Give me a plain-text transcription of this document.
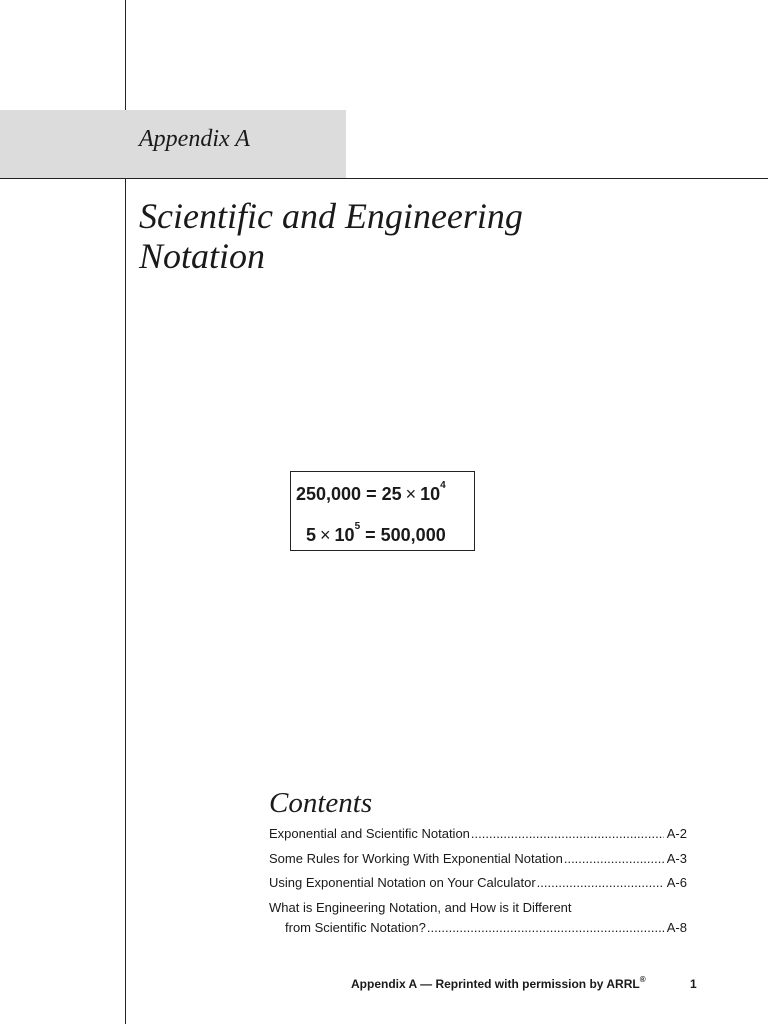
Appendix A
Scientific and Engineering
Notation
$250,000 = 25 \times 10^4$
$5 \times 10^5 = 500,000$
Contents
Exponential and Scientific Notation .....	A-2
Some Rules for Working With Exponential Notation .....	A-3
Using Exponential Notation on Your Calculator .....	A-6
What is Engineering Notation, and How is it Different
from Scientific Notation? .....	A-8
Appendix A — Reprinted with permission by ARRL®	1
